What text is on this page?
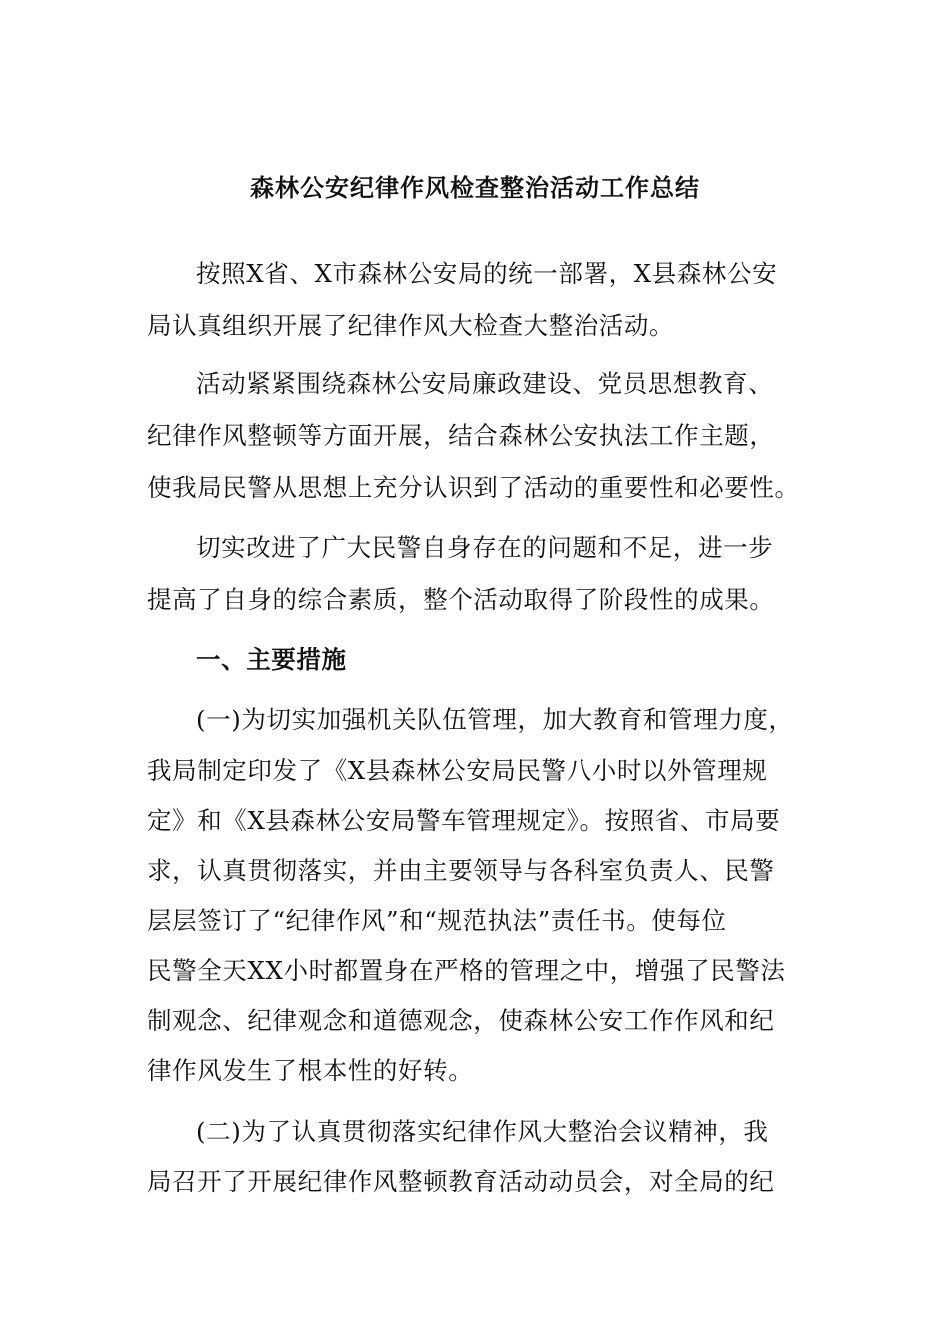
森林公安纪律作风检查整治活动工作总结
按照X省、X市森林公安局的统一部署，X县森林公安
局认真组织开展了纪律作风大检查大整治活动。
活动紧紧围绕森林公安局廉政建设、党员思想教育、
纪律作风整顿等方面开展，结合森林公安执法工作主题，
使我局民警从思想上充分认识到了活动的重要性和必要性。
切实改进了广大民警自身存在的问题和不足，进一步
提高了自身的综合素质，整个活动取得了阶段性的成果。
一、主要措施
(一)为切实加强机关队伍管理，加大教育和管理力度，
我局制定印发了《X县森林公安局民警八小时以外管理规
定》和《X县森林公安局警车管理规定》。按照省、市局要
求，认真贯彻落实，并由主要领导与各科室负责人、民警
层层签订了“纪律作风”和“规范执法”责任书。使每位
民警全天XX小时都置身在严格的管理之中，增强了民警法
制观念、纪律观念和道德观念，使森林公安工作作风和纪
律作风发生了根本性的好转。
(二)为了认真贯彻落实纪律作风大整治会议精神，我
局召开了开展纪律作风整顿教育活动动员会，对全局的纪
